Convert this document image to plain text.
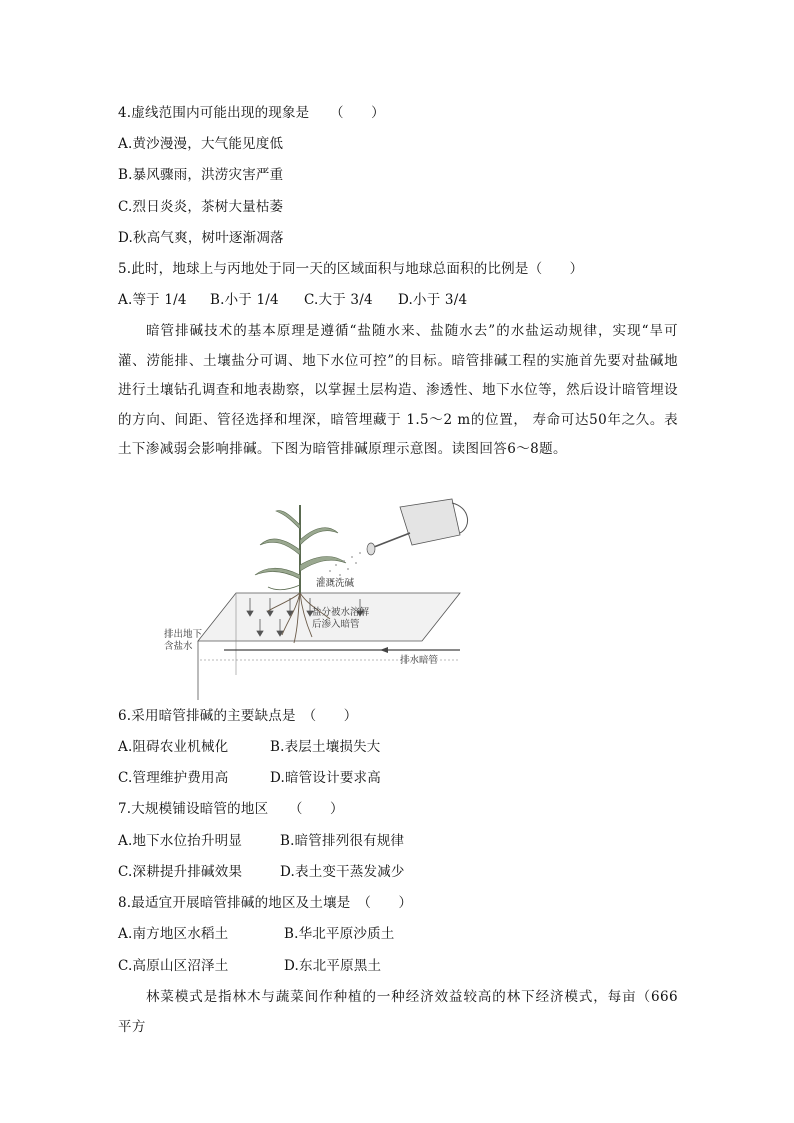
4.虚线范围内可能出现的现象是　　（　　）
A.黄沙漫漫，大气能见度低
B.暴风骤雨，洪涝灾害严重
C.烈日炎炎，茶树大量枯萎
D.秋高气爽，树叶逐渐凋落
5.此时，地球上与丙地处于同一天的区域面积与地球总面积的比例是（　　）
A.等于 1/4	B.小于 1/4	C.大于 3/4	D.小于 3/4
暗管排碱技术的基本原理是遵循“盐随水来、盐随水去”的水盐运动规律，实现“旱可灌、涝能排、土壤盐分可调、地下水位可控”的目标。暗管排碱工程的实施首先要对盐碱地进行土壤钻孔调查和地表勘察，以掌握土层构造、渗透性、地下水位等，然后设计暗管埋设的方向、间距、管径选择和埋深，暗管埋藏于 1.5～2 m的位置， 寿命可达50年之久。表土下渗减弱会影响排碱。下图为暗管排碱原理示意图。读图回答6～8题。
灌溉洗碱
盐分被水溶解
后渗入暗管
排出地下
含盐水
排水暗管
6.采用暗管排碱的主要缺点是　（　　）
A.阻碍农业机械化	B.表层土壤损失大
C.管理维护费用高	D.暗管设计要求高
7.大规模铺设暗管的地区　　（　　）
A.地下水位抬升明显	B.暗管排列很有规律
C.深耕提升排碱效果	D.表土变干蒸发减少
8.最适宜开展暗管排碱的地区及土壤是　（　　）
A.南方地区水稻土	B.华北平原沙质土
C.高原山区沼泽土	D.东北平原黑土
林菜模式是指林木与蔬菜间作种植的一种经济效益较高的林下经济模式，每亩（666 平方
